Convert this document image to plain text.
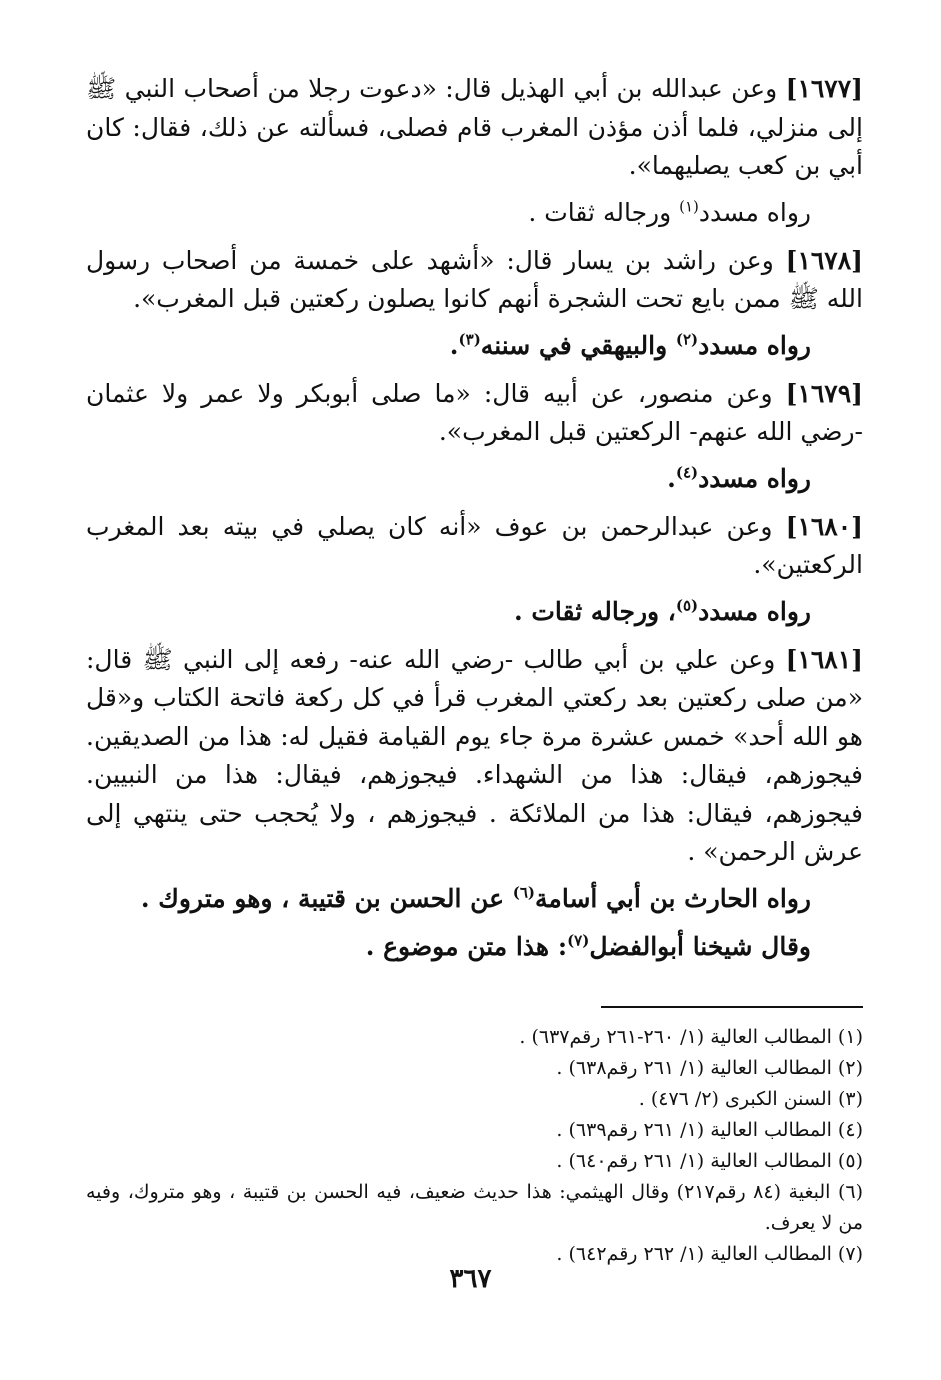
[١٦٧٧] وعن عبدالله بن أبي الهذيل قال: «دعوت رجلا من أصحاب النبي ﷺ إلى منزلي، فلما أذن مؤذن المغرب قام فصلى، فسألته عن ذلك، فقال: كان أبي بن كعب يصليهما».

رواه مسدد$^{(١)}$ ورجاله ثقات .

[١٦٧٨] وعن راشد بن يسار قال: «أشهد على خمسة من أصحاب رسول الله ﷺ ممن بايع تحت الشجرة أنهم كانوا يصلون ركعتين قبل المغرب».

رواه مسدد$^{(٢)}$ والبيهقي في سننه$^{(٣)}$.

[١٦٧٩] وعن منصور، عن أبيه قال: «ما صلى أبوبكر ولا عمر ولا عثمان -رضي الله عنهم- الركعتين قبل المغرب».

رواه مسدد$^{(٤)}$.

[١٦٨٠] وعن عبدالرحمن بن عوف «أنه كان يصلي في بيته بعد المغرب الركعتين».

رواه مسدد$^{(٥)}$، ورجاله ثقات .

[١٦٨١] وعن علي بن أبي طالب -رضي الله عنه- رفعه إلى النبي ﷺ قال: «من صلى ركعتين بعد ركعتي المغرب قرأ في كل ركعة فاتحة الكتاب و«قل هو الله أحد» خمس عشرة مرة جاء يوم القيامة فقيل له: هذا من الصديقين. فيجوزهم، فيقال: هذا من الشهداء. فيجوزهم، فيقال: هذا من النبيين. فيجوزهم، فيقال: هذا من الملائكة . فيجوزهم ، ولا يُحجب حتى ينتهي إلى عرش الرحمن» .

رواه الحارث بن أبي أسامة$^{(٦)}$ عن الحسن بن قتيبة ، وهو متروك .

وقال شيخنا أبوالفضل$^{(٧)}$: هذا متن موضوع .

(١) المطالب العالية (١/ ٢٦٠-٢٦١ رقم٦٣٧) .
(٢) المطالب العالية (١/ ٢٦١ رقم٦٣٨) .
(٣) السنن الكبرى (٢/ ٤٧٦) .
(٤) المطالب العالية (١/ ٢٦١ رقم٦٣٩) .
(٥) المطالب العالية (١/ ٢٦١ رقم٦٤٠) .
(٦) البغية (٨٤ رقم٢١٧) وقال الهيثمي: هذا حديث ضعيف، فيه الحسن بن قتيبة ، وهو متروك، وفيه من لا يعرف.
(٧) المطالب العالية (١/ ٢٦٢ رقم٦٤٢) .
٣٦٧
